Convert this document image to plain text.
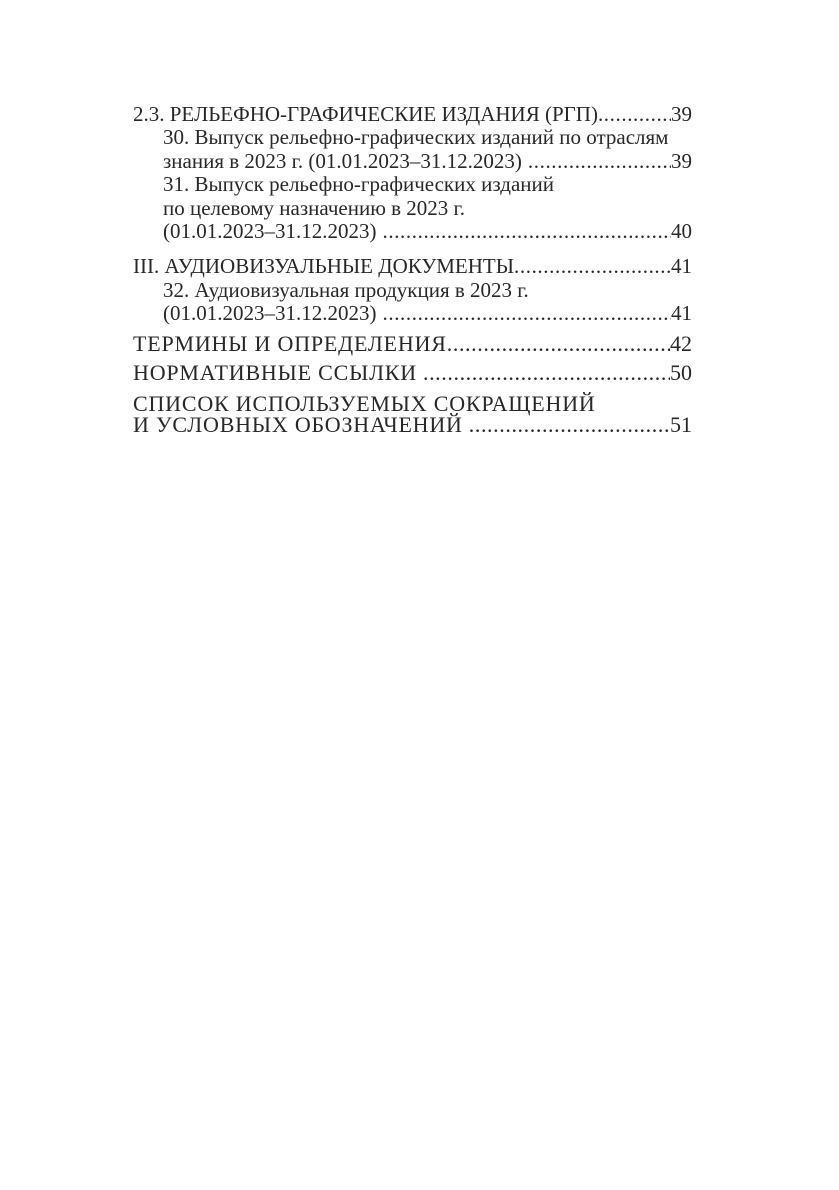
2.3. РЕЛЬЕФНО-ГРАФИЧЕСКИЕ ИЗДАНИЯ (РГП) .....	39
30. Выпуск рельефно-графических изданий по отраслям
знания в 2023 г. (01.01.2023–31.12.2023) .....	39
31. Выпуск рельефно-графических изданий
по целевому назначению в 2023 г.
(01.01.2023–31.12.2023) .....	40
III. АУДИОВИЗУАЛЬНЫЕ ДОКУМЕНТЫ .....	41
32. Аудиовизуальная продукция в 2023 г.
(01.01.2023–31.12.2023) .....	41
ТЕРМИНЫ И ОПРЕДЕЛЕНИЯ .....	42
НОРМАТИВНЫЕ ССЫЛКИ .....	50
СПИСОК ИСПОЛЬЗУЕМЫХ СОКРАЩЕНИЙ
И УСЛОВНЫХ ОБОЗНАЧЕНИЙ .....	51
